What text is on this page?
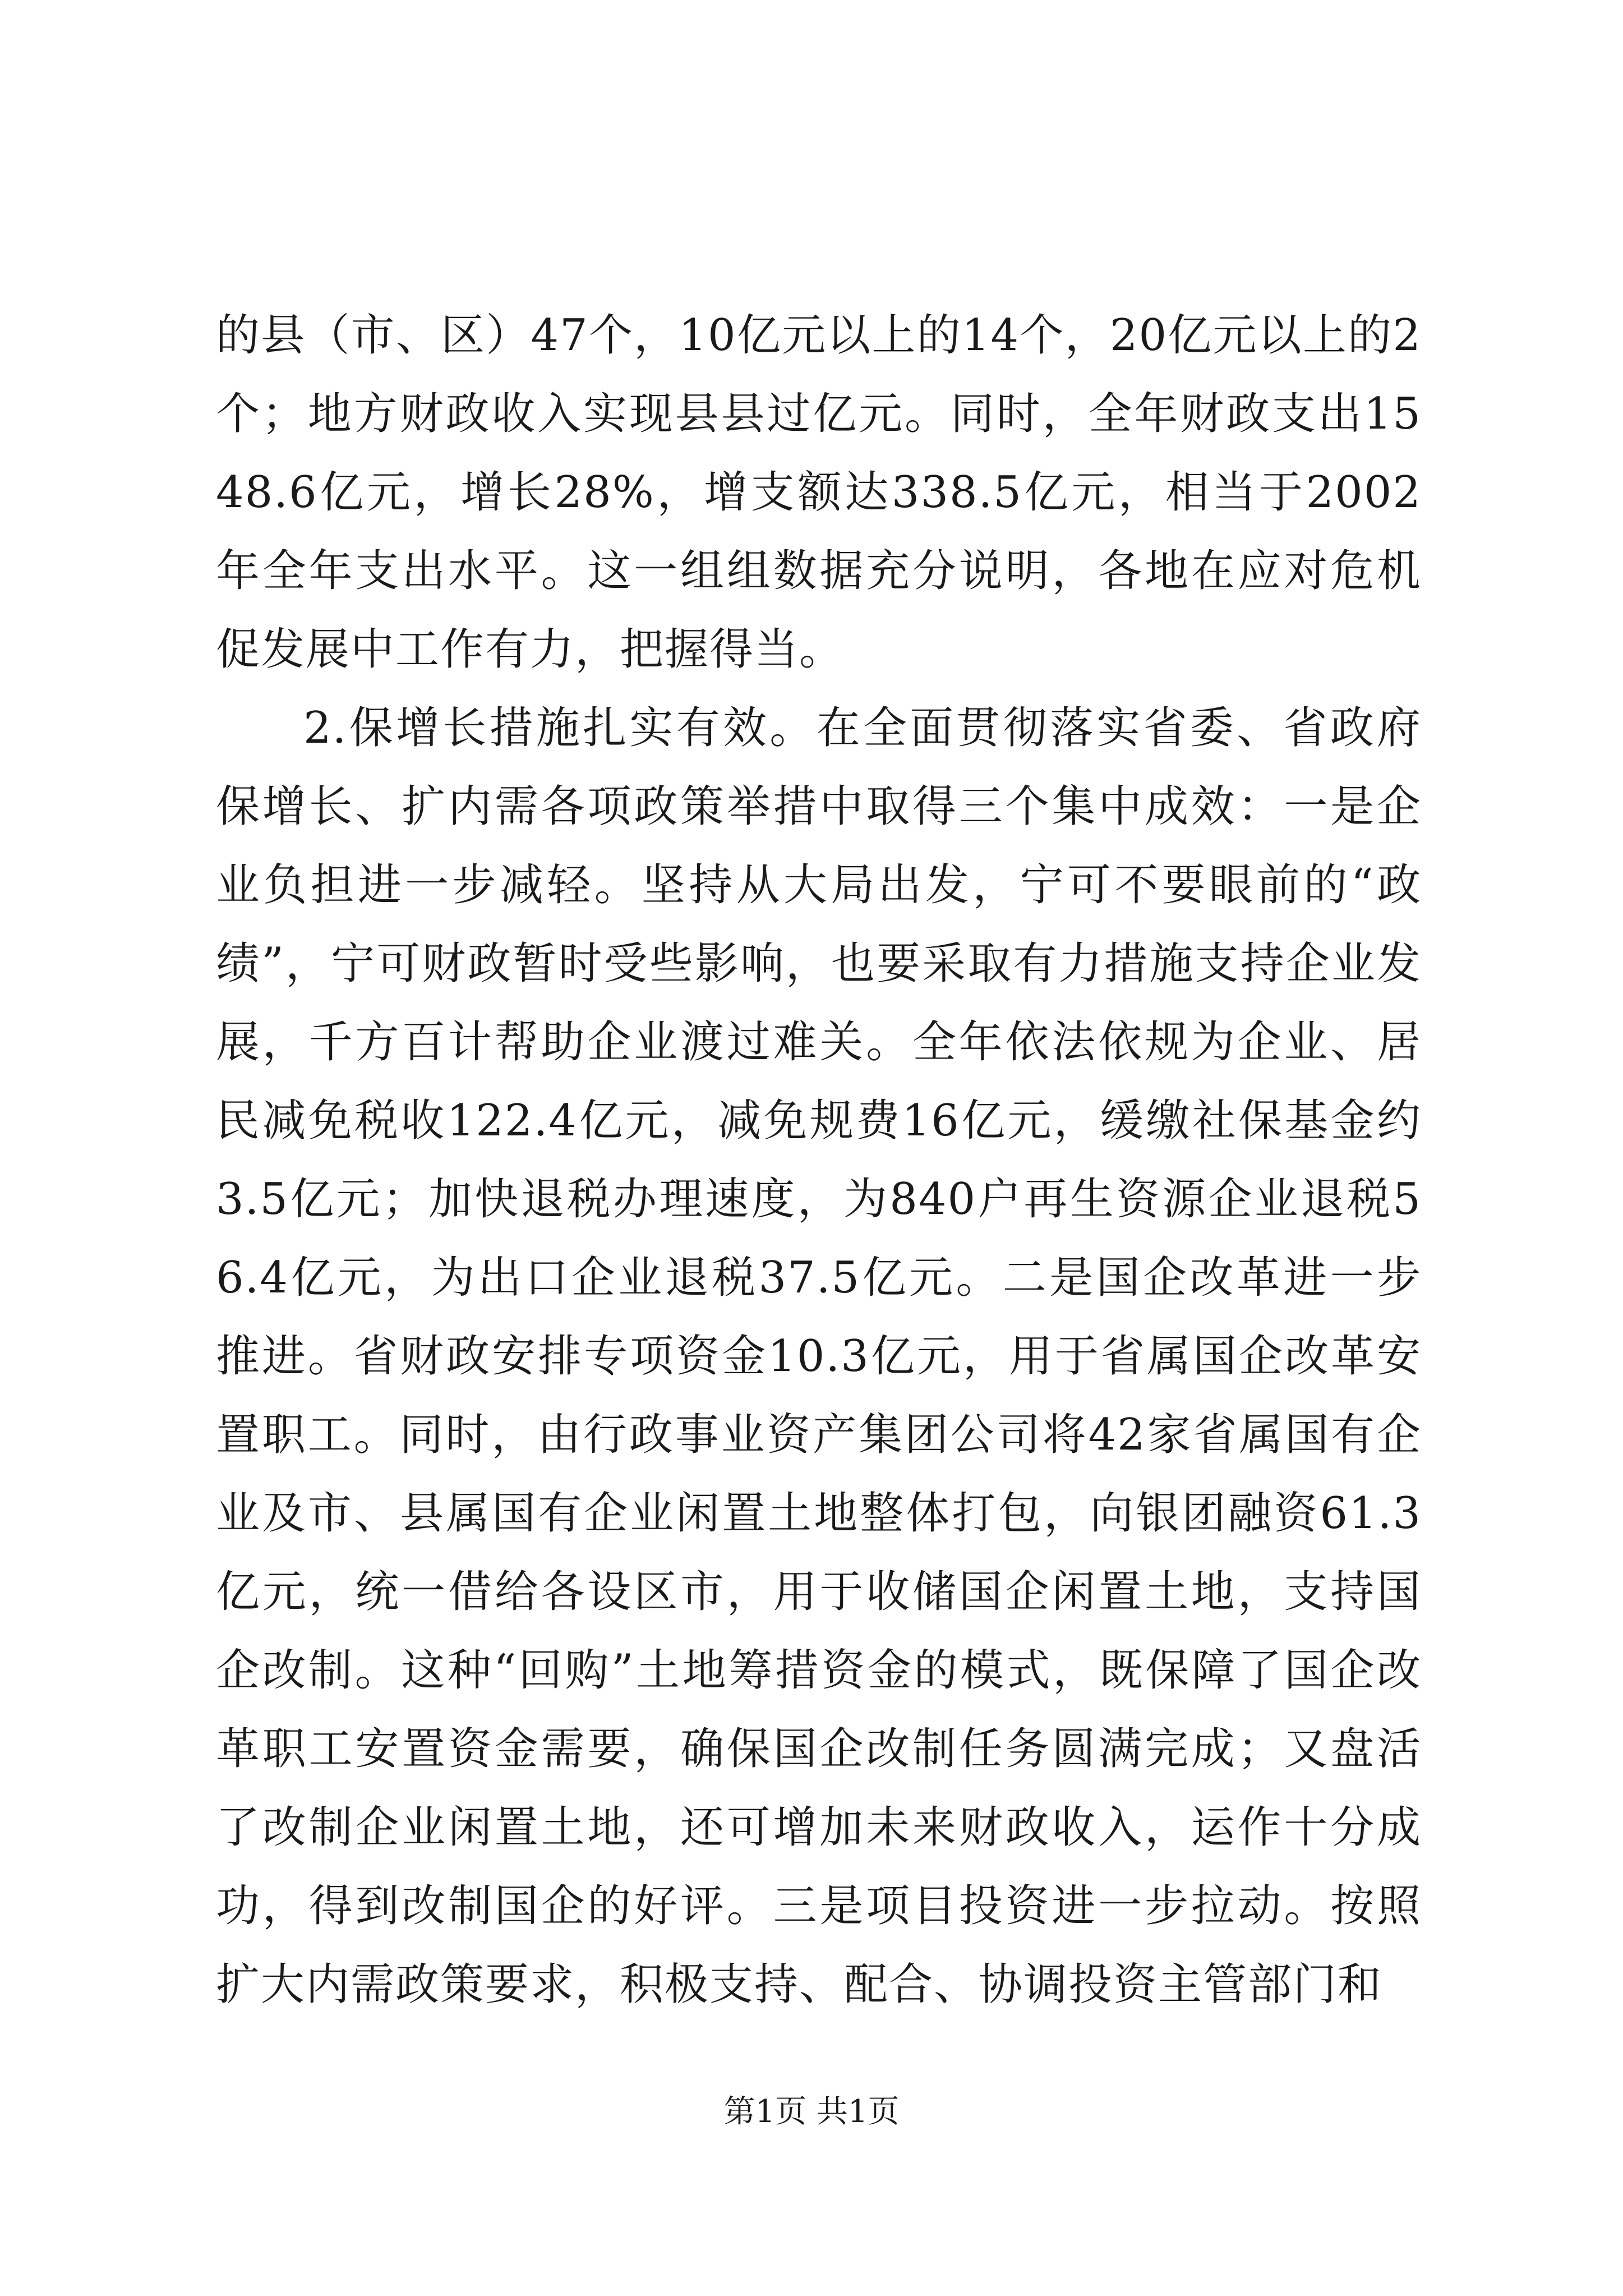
的县（市、区）47个，10亿元以上的14个，20亿元以上的2个；地方财政收入实现县县过亿元。同时，全年财政支出1548.6亿元，增长28%，增支额达338.5亿元，相当于2002年全年支出水平。这一组组数据充分说明，各地在应对危机促发展中工作有力，把握得当。

2.保增长措施扎实有效。在全面贯彻落实省委、省政府保增长、扩内需各项政策举措中取得三个集中成效：一是企业负担进一步减轻。坚持从大局出发，宁可不要眼前的“政绩”，宁可财政暂时受些影响，也要采取有力措施支持企业发展，千方百计帮助企业渡过难关。全年依法依规为企业、居民减免税收122.4亿元，减免规费16亿元，缓缴社保基金约3.5亿元；加快退税办理速度，为840户再生资源企业退税56.4亿元，为出口企业退税37.5亿元。二是国企改革进一步推进。省财政安排专项资金10.3亿元，用于省属国企改革安置职工。同时，由行政事业资产集团公司将42家省属国有企业及市、县属国有企业闲置土地整体打包，向银团融资61.3亿元，统一借给各设区市，用于收储国企闲置土地，支持国企改制。这种“回购”土地筹措资金的模式，既保障了国企改革职工安置资金需要，确保国企改制任务圆满完成；又盘活了改制企业闲置土地，还可增加未来财政收入，运作十分成功，得到改制国企的好评。三是项目投资进一步拉动。按照扩大内需政策要求，积极支持、配合、协调投资主管部门和

第1页 共1页
